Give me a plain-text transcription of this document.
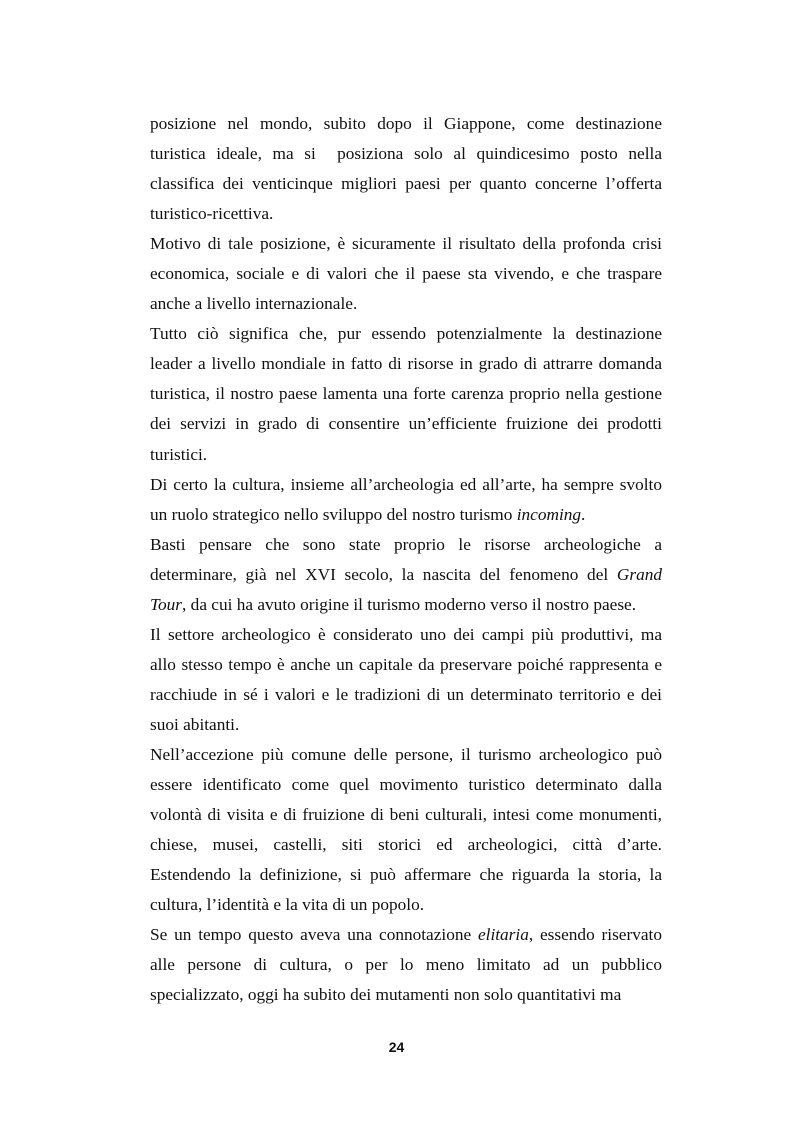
posizione nel mondo, subito dopo il Giappone, come destinazione
turistica ideale, ma si  posiziona solo al quindicesimo posto nella
classifica dei venticinque migliori paesi per quanto concerne l’offerta
turistico-ricettiva.
Motivo di tale posizione, è sicuramente il risultato della profonda crisi
economica, sociale e di valori che il paese sta vivendo, e che traspare
anche a livello internazionale.
Tutto ciò significa che, pur essendo potenzialmente la destinazione
leader a livello mondiale in fatto di risorse in grado di attrarre domanda
turistica, il nostro paese lamenta una forte carenza proprio nella gestione
dei servizi in grado di consentire un’efficiente fruizione dei prodotti
turistici.
Di certo la cultura, insieme all’archeologia ed all’arte, ha sempre svolto
un ruolo strategico nello sviluppo del nostro turismo incoming.
Basti pensare che sono state proprio le risorse archeologiche a
determinare, già nel XVI secolo, la nascita del fenomeno del Grand
Tour, da cui ha avuto origine il turismo moderno verso il nostro paese.
Il settore archeologico è considerato uno dei campi più produttivi, ma
allo stesso tempo è anche un capitale da preservare poiché rappresenta e
racchiude in sé i valori e le tradizioni di un determinato territorio e dei
suoi abitanti.
Nell’accezione più comune delle persone, il turismo archeologico può
essere identificato come quel movimento turistico determinato dalla
volontà di visita e di fruizione di beni culturali, intesi come monumenti,
chiese, musei, castelli, siti storici ed archeologici, città d’arte.
Estendendo la definizione, si può affermare che riguarda la storia, la
cultura, l’identità e la vita di un popolo.
Se un tempo questo aveva una connotazione elitaria, essendo riservato
alle persone di cultura, o per lo meno limitato ad un pubblico
specializzato, oggi ha subito dei mutamenti non solo quantitativi ma
24
